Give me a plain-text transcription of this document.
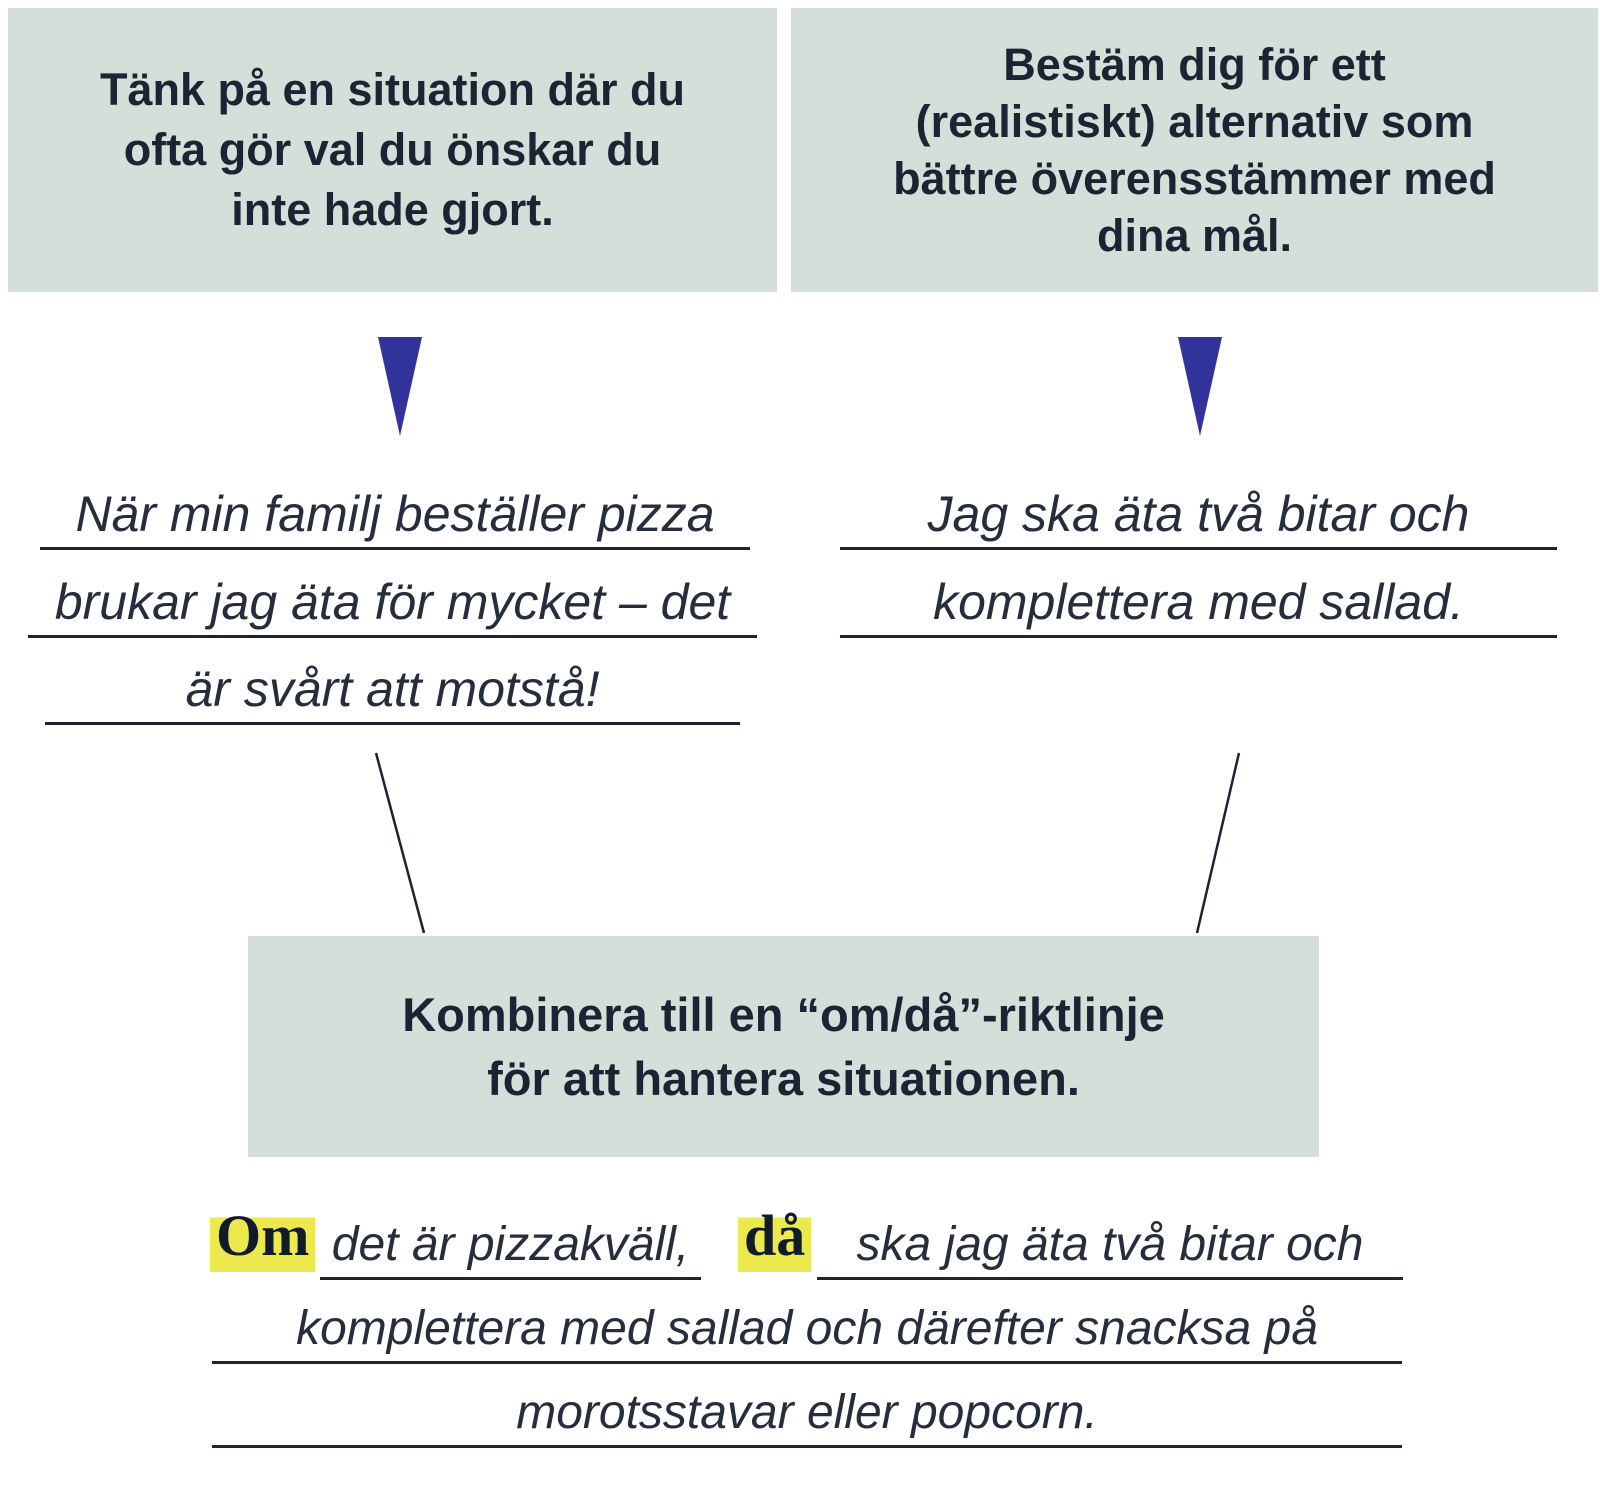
Tänk på en situation där du
ofta gör val du önskar du
inte hade gjort.
Bestäm dig för ett
(realistiskt) alternativ som
bättre överensstämmer med
dina mål.
När min familj beställer pizza
brukar jag äta för mycket – det
är svårt att motstå!
Jag ska äta två bitar och
komplettera med sallad.
Kombinera till en “om/då”-riktlinje
för att hantera situationen.
Om det är pizzakväll, då ska jag äta två bitar och
komplettera med sallad och därefter snacksa på
morotsstavar eller popcorn.
